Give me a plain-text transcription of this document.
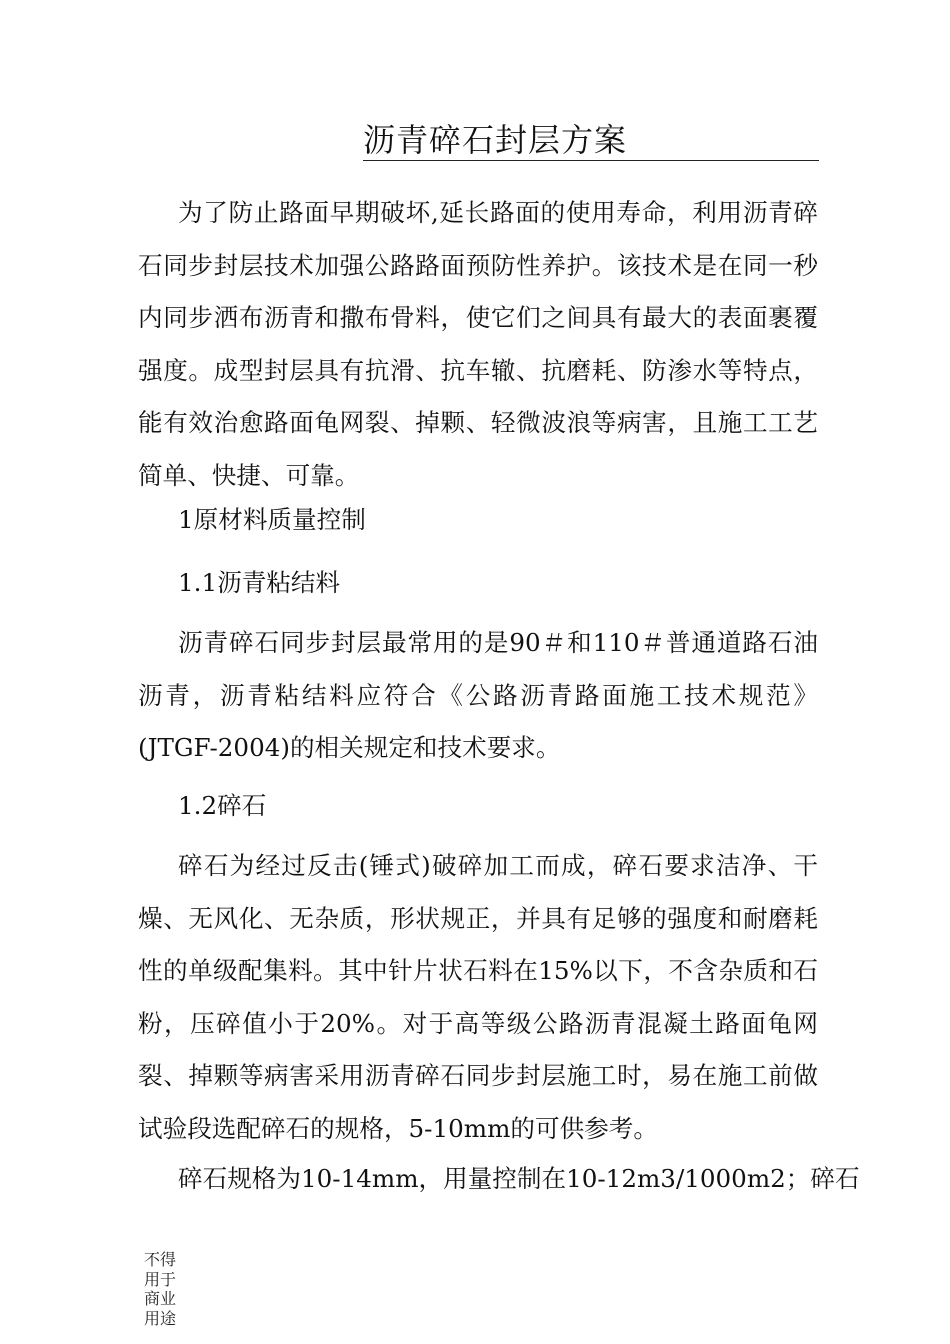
沥青碎石封层方案

为了防止路面早期破坏,延长路面的使用寿命，利用沥青碎石同步封层技术加强公路路面预防性养护。该技术是在同一秒内同步洒布沥青和撒布骨料，使它们之间具有最大的表面裹覆强度。成型封层具有抗滑、抗车辙、抗磨耗、防渗水等特点，能有效治愈路面龟网裂、掉颗、轻微波浪等病害，且施工工艺简单、快捷、可靠。

1原材料质量控制

1.1沥青粘结料

沥青碎石同步封层最常用的是90＃和110＃普通道路石油沥青，沥青粘结料应符合《公路沥青路面施工技术规范》(JTGF-2004)的相关规定和技术要求。

1.2碎石

碎石为经过反击(锤式)破碎加工而成，碎石要求洁净、干燥、无风化、无杂质，形状规正，并具有足够的强度和耐磨耗性的单级配集料。其中针片状石料在15%以下，不含杂质和石粉，压碎值小于20%。对于高等级公路沥青混凝土路面龟网裂、掉颗等病害采用沥青碎石同步封层施工时，易在施工前做试验段选配碎石的规格，5-10mm的可供参考。

碎石规格为10-14mm，用量控制在10-12m3/1000m2；碎石

不得
用于
商业
用途
